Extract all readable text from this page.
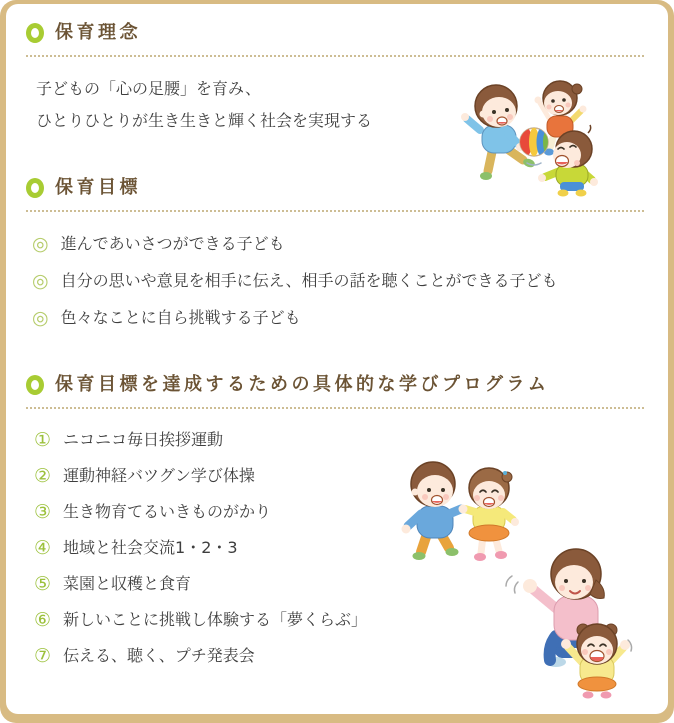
保育理念
子どもの「心の足腰」を育み、
ひとりひとりが生き生きと輝く社会を実現する
保育目標
◎ 進んであいさつができる子ども
◎ 自分の思いや意見を相手に伝え、相手の話を聴くことができる子ども
◎ 色々なことに自ら挑戦する子ども
保育目標を達成するための具体的な学びプログラム
① ニコニコ毎日挨拶運動
② 運動神経バツグン学び体操
③ 生き物育てるいきものがかり
④ 地域と社会交流1・2・3
⑤ 菜園と収穫と食育
⑥ 新しいことに挑戦し体験する「夢くらぶ」
⑦ 伝える、聴く、プチ発表会
